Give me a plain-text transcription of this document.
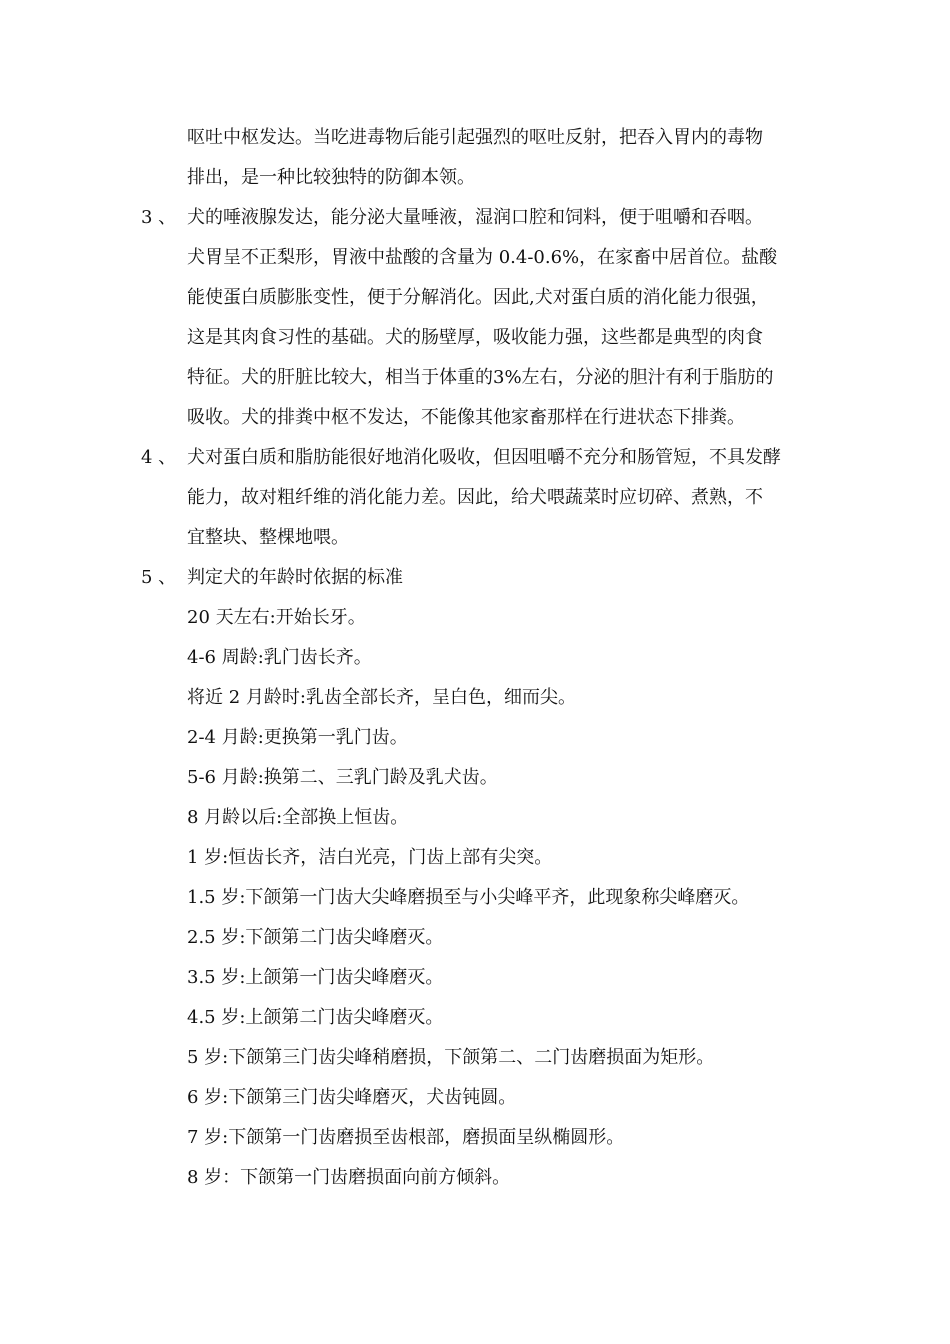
呕吐中枢发达。当吃进毒物后能引起强烈的呕吐反射，把吞入胃内的毒物
排出，是一种比较独特的防御本领。
3 、 犬的唾液腺发达，能分泌大量唾液，湿润口腔和饲料，便于咀嚼和吞咽。
犬胃呈不正梨形，胃液中盐酸的含量为 0.4-0.6%，在家畜中居首位。盐酸
能使蛋白质膨胀变性，便于分解消化。因此,犬对蛋白质的消化能力很强，
这是其肉食习性的基础。犬的肠壁厚，吸收能力强，这些都是典型的肉食
特征。犬的肝脏比较大，相当于体重的3%左右，分泌的胆汁有利于脂肪的
吸收。犬的排粪中枢不发达，不能像其他家畜那样在行进状态下排粪。
4 、 犬对蛋白质和脂肪能很好地消化吸收，但因咀嚼不充分和肠管短，不具发酵
能力，故对粗纤维的消化能力差。因此，给犬喂蔬菜时应切碎、煮熟，不
宜整块、整棵地喂。
5 、 判定犬的年龄时依据的标准
20 天左右:开始长牙。
4-6 周龄:乳门齿长齐。
将近 2 月龄时:乳齿全部长齐，呈白色，细而尖。
2-4 月龄:更换第一乳门齿。
5-6 月龄:换第二、三乳门龄及乳犬齿。
8 月龄以后:全部换上恒齿。
1 岁:恒齿长齐，洁白光亮，门齿上部有尖突。
1.5 岁:下颌第一门齿大尖峰磨损至与小尖峰平齐，此现象称尖峰磨灭。
2.5 岁:下颌第二门齿尖峰磨灭。
3.5 岁:上颌第一门齿尖峰磨灭。
4.5 岁:上颌第二门齿尖峰磨灭。
5 岁:下颌第三门齿尖峰稍磨损，下颌第二、二门齿磨损面为矩形。
6 岁:下颌第三门齿尖峰磨灭，犬齿钝圆。
7 岁:下颌第一门齿磨损至齿根部，磨损面呈纵椭圆形。
8 岁：下颌第一门齿磨损面向前方倾斜。
